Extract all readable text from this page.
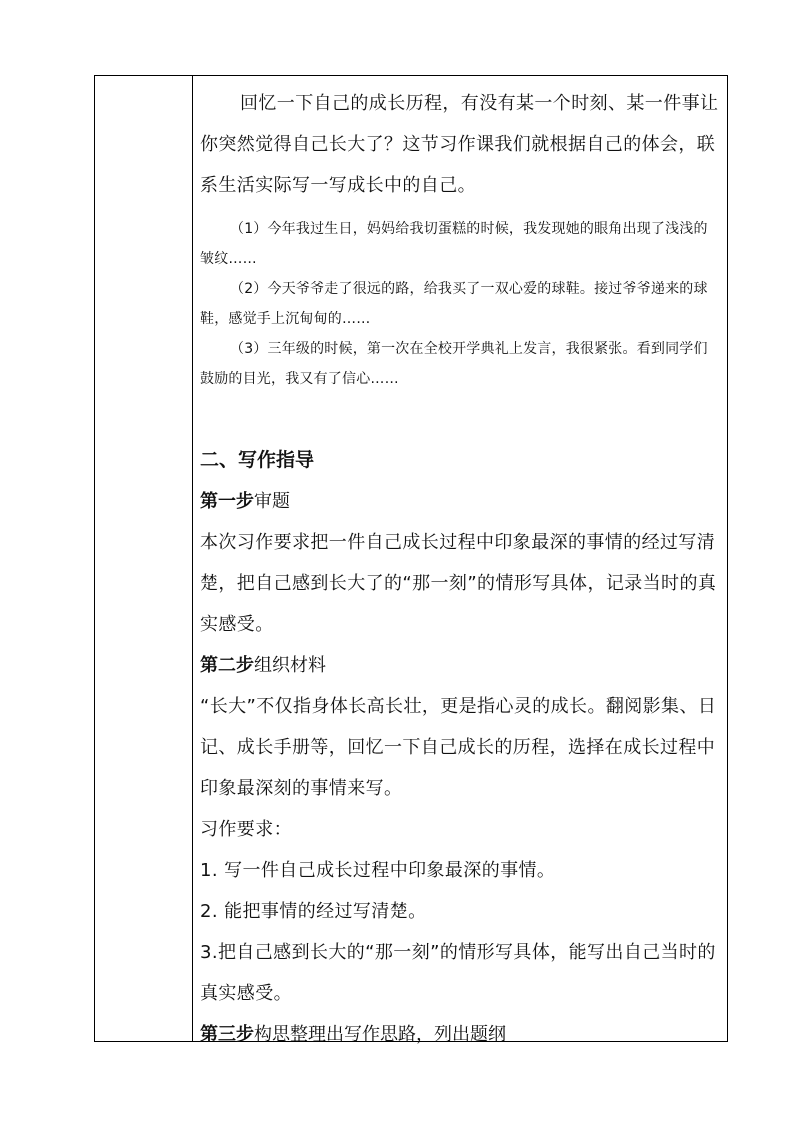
回忆一下自己的成长历程，有没有某一个时刻、某一件事让你突然觉得自己长大了？这节习作课我们就根据自己的体会，联系生活实际写一写成长中的自己。

（1）今年我过生日，妈妈给我切蛋糕的时候，我发现她的眼角出现了浅浅的皱纹……

（2）今天爷爷走了很远的路，给我买了一双心爱的球鞋。接过爷爷递来的球鞋，感觉手上沉甸甸的……

（3）三年级的时候，第一次在全校开学典礼上发言，我很紧张。看到同学们鼓励的目光，我又有了信心……

二、写作指导

第一步审题

本次习作要求把一件自己成长过程中印象最深的事情的经过写清楚，把自己感到长大了的“那一刻”的情形写具体，记录当时的真实感受。

第二步组织材料

“长大”不仅指身体长高长壮，更是指心灵的成长。翻阅影集、日记、成长手册等，回忆一下自己成长的历程，选择在成长过程中印象最深刻的事情来写。

习作要求：

1. 写一件自己成长过程中印象最深的事情。

2. 能把事情的经过写清楚。

3.把自己感到长大的“那一刻”的情形写具体，能写出自己当时的真实感受。

第三步构思整理出写作思路，列出题纲
